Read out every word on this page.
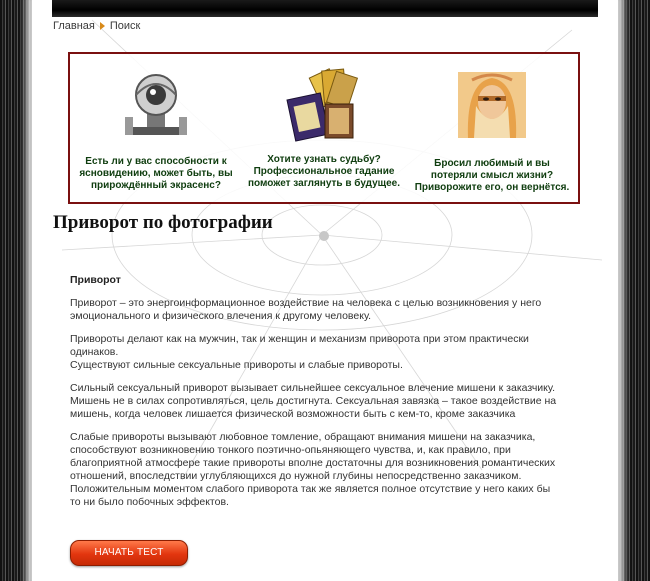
Главная Поиск
Есть ли у вас способности к ясновидению, может быть, вы прирождённый экрасенс?
Хотите узнать судьбу? Профессиональное гадание поможет заглянуть в будущее.
Бросил любимый и вы потеряли смысл жизни? Приворожите его, он вернётся.
Приворот по фотографии
Приворот

Приворот – это энергоинформационное воздействие на человека с целью возникновения у него эмоционального и физического влечения к другому человеку.

Привороты делают как на мужчин, так и женщин и механизм приворота при этом практически одинаков.

Существуют сильные сексуальные привороты и слабые привороты.

Сильный сексуальный приворот вызывает сильнейшее сексуальное влечение мишени к заказчику. Мишень не в силах сопротивляться, цель достигнута. Сексуальная завязка – такое воздействие на мишень, когда человек лишается физической возможности быть с кем-то, кроме заказчика

Слабые привороты вызывают любовное томление, обращают внимания мишени на заказчика, способствуют возникновению тонкого поэтично-опьяняющего чувства, и, как правило, при благоприятной атмосфере такие привороты вполне достаточны для возникновения романтических отношений, впоследствии углубляющихся до нужной глубины непосредственно заказчиком. Положительным моментом слабого приворота так же является полное отсутствие у него каких бы то ни было побочных эффектов.

НАЧАТЬ ТЕСТ
